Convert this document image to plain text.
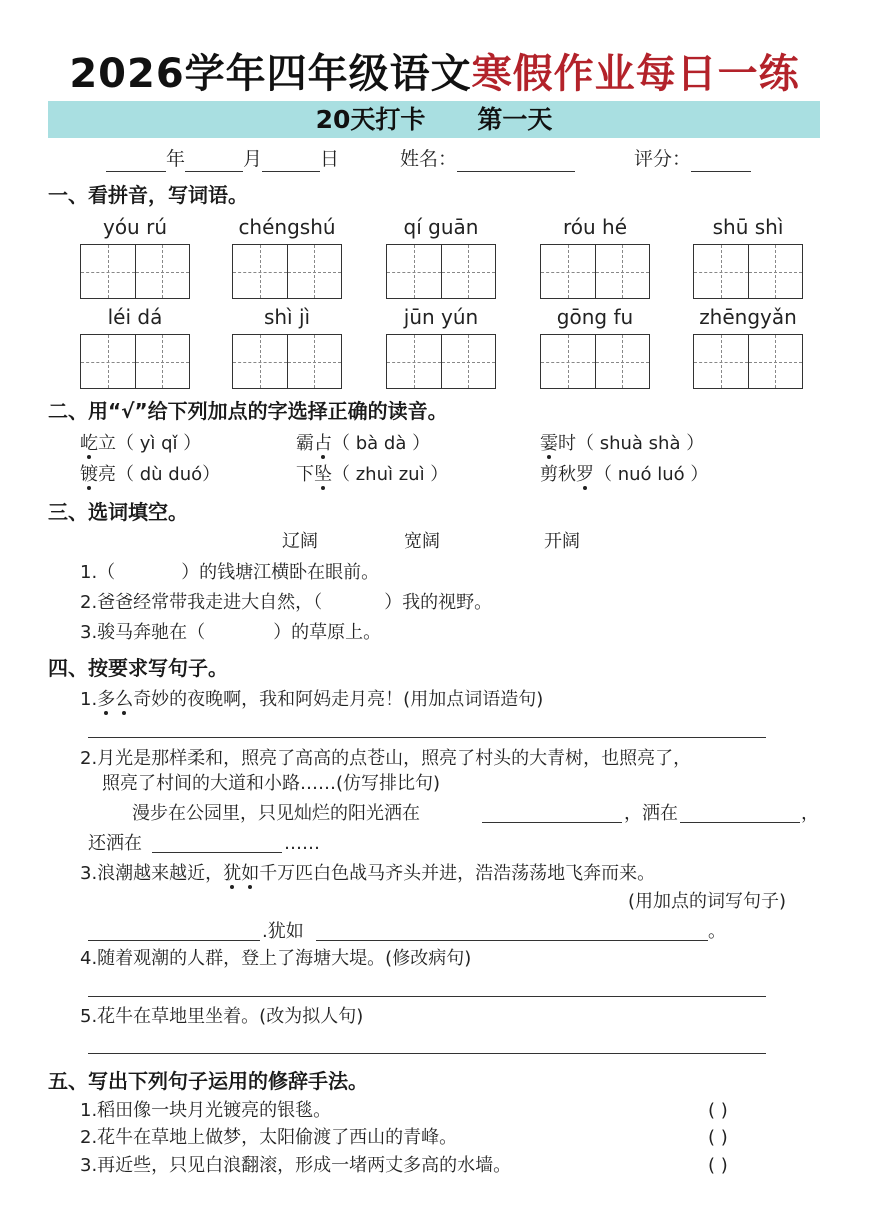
2026学年四年级语文寒假作业每日一练
20天打卡 第一天
年	月	日	姓名：	评分：
一、看拼音，写词语。
yóu rú	chéngshú	qí guān	róu hé	shū shì
léi dá	shì jì	jūn yún	gōng fu	zhēngyǎn
二、用“√”给下列加点的字选择正确的读音。
屹立（ yì qǐ ）	霸占（ bà dà ）	霎时（ shuà shà ）
镀亮（ dù duó）	下坠（ zhuì zuì ）	剪秋罗（ nuó luó ）
三、选词填空。
辽阔	宽阔	开阔
1.（	）的钱塘江横卧在眼前。
2.爸爸经常带我走进大自然，（	）我的视野。
3.骏马奔驰在（	）的草原上。
四、按要求写句子。
1.多么奇妙的夜晚啊，我和阿妈走月亮！(用加点词语造句)
2.月光是那样柔和，照亮了高高的点苍山，照亮了村头的大青树，也照亮了，
照亮了村间的大道和小路……(仿写排比句)
漫步在公园里，只见灿烂的阳光洒在	，洒在	，
还洒在	……
3.浪潮越来越近，犹如千万匹白色战马齐头并进，浩浩荡荡地飞奔而来。
(用加点的词写句子)
.犹如	。
4.随着观潮的人群，登上了海塘大堤。(修改病句)
5.花牛在草地里坐着。(改为拟人句)
五、写出下列句子运用的修辞手法。
1.稻田像一块月光镀亮的银毯。	( )
2.花牛在草地上做梦，太阳偷渡了西山的青峰。	( )
3.再近些，只见白浪翻滚，形成一堵两丈多高的水墙。	( )
